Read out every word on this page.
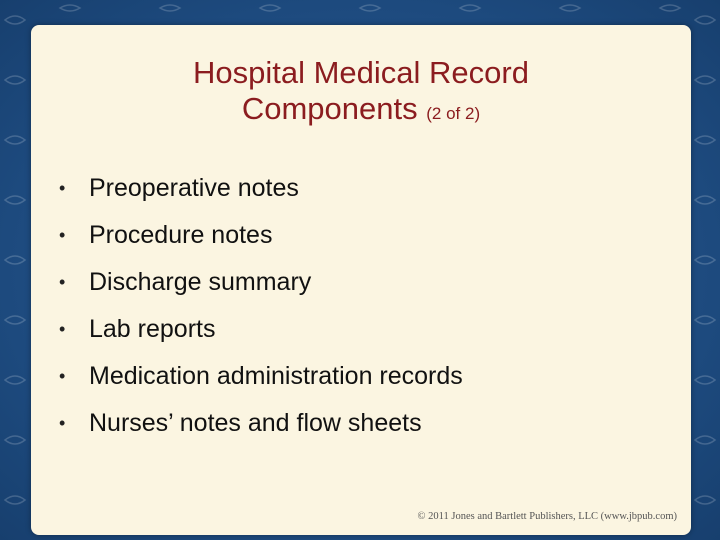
Hospital Medical Record
Components (2 of 2)
• Preoperative notes
• Procedure notes
• Discharge summary
• Lab reports
• Medication administration records
• Nurses’ notes and flow sheets
© 2011 Jones and Bartlett Publishers, LLC (www.jbpub.com)
